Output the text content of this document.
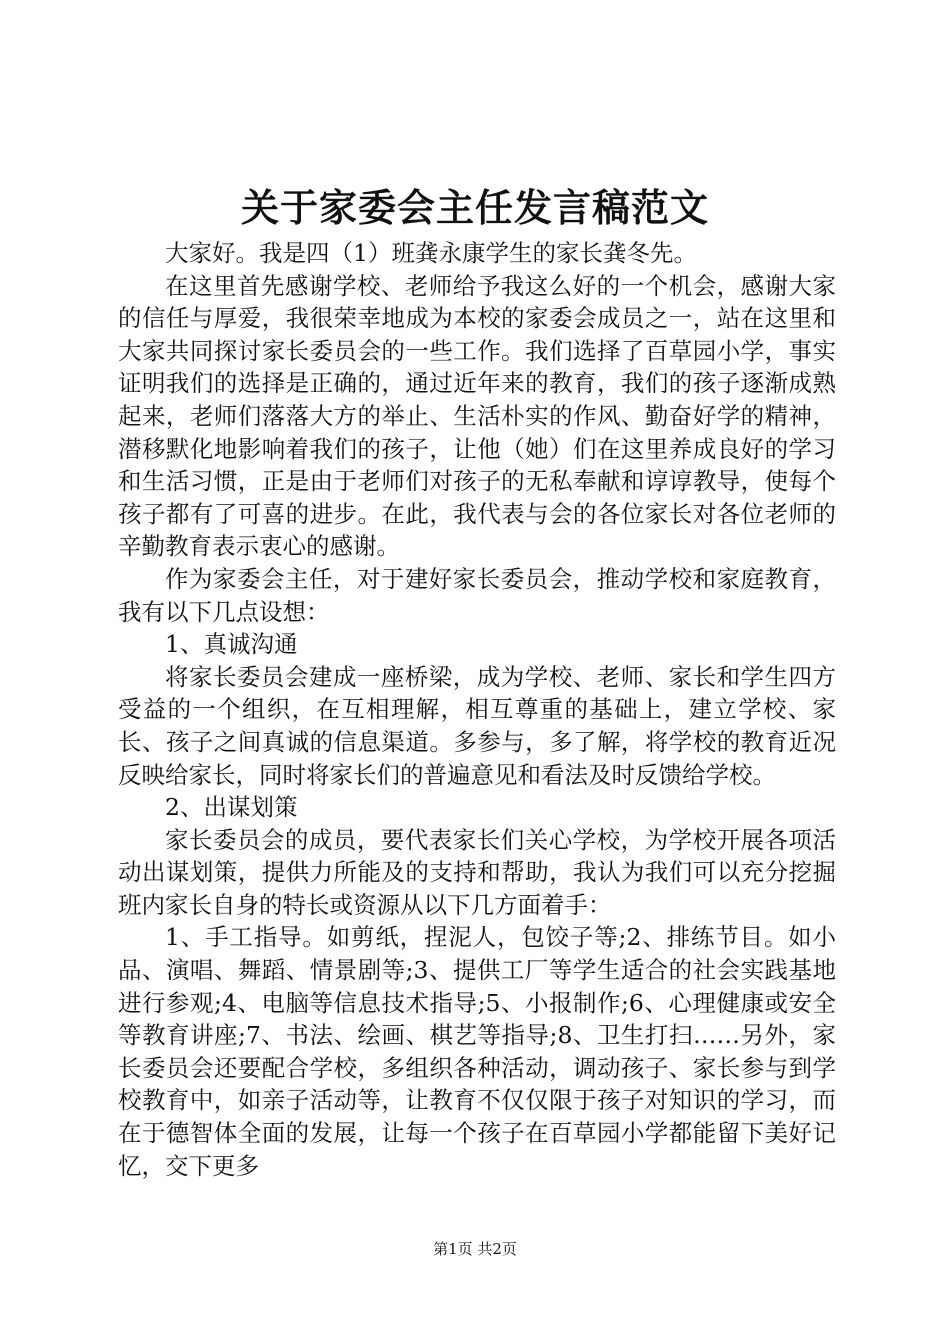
关于家委会主任发言稿范文

大家好。我是四（1）班龚永康学生的家长龚冬先。

在这里首先感谢学校、老师给予我这么好的一个机会，感谢大家的信任与厚爱，我很荣幸地成为本校的家委会成员之一，站在这里和大家共同探讨家长委员会的一些工作。我们选择了百草园小学，事实证明我们的选择是正确的，通过近年来的教育，我们的孩子逐渐成熟起来，老师们落落大方的举止、生活朴实的作风、勤奋好学的精神，潜移默化地影响着我们的孩子，让他（她）们在这里养成良好的学习和生活习惯，正是由于老师们对孩子的无私奉献和谆谆教导，使每个孩子都有了可喜的进步。在此，我代表与会的各位家长对各位老师的辛勤教育表示衷心的感谢。

作为家委会主任，对于建好家长委员会，推动学校和家庭教育，我有以下几点设想：

1、真诚沟通

将家长委员会建成一座桥梁，成为学校、老师、家长和学生四方受益的一个组织，在互相理解，相互尊重的基础上，建立学校、家长、孩子之间真诚的信息渠道。多参与，多了解，将学校的教育近况反映给家长，同时将家长们的普遍意见和看法及时反馈给学校。

2、出谋划策

家长委员会的成员，要代表家长们关心学校，为学校开展各项活动出谋划策，提供力所能及的支持和帮助，我认为我们可以充分挖掘班内家长自身的特长或资源从以下几方面着手：

1、手工指导。如剪纸，捏泥人，包饺子等;2、排练节目。如小品、演唱、舞蹈、情景剧等;3、提供工厂等学生适合的社会实践基地进行参观;4、电脑等信息技术指导;5、小报制作;6、心理健康或安全等教育讲座;7、书法、绘画、棋艺等指导;8、卫生打扫……另外，家长委员会还要配合学校，多组织各种活动，调动孩子、家长参与到学校教育中，如亲子活动等，让教育不仅仅限于孩子对知识的学习，而在于德智体全面的发展，让每一个孩子在百草园小学都能留下美好记忆，交下更多

第1页 共2页
